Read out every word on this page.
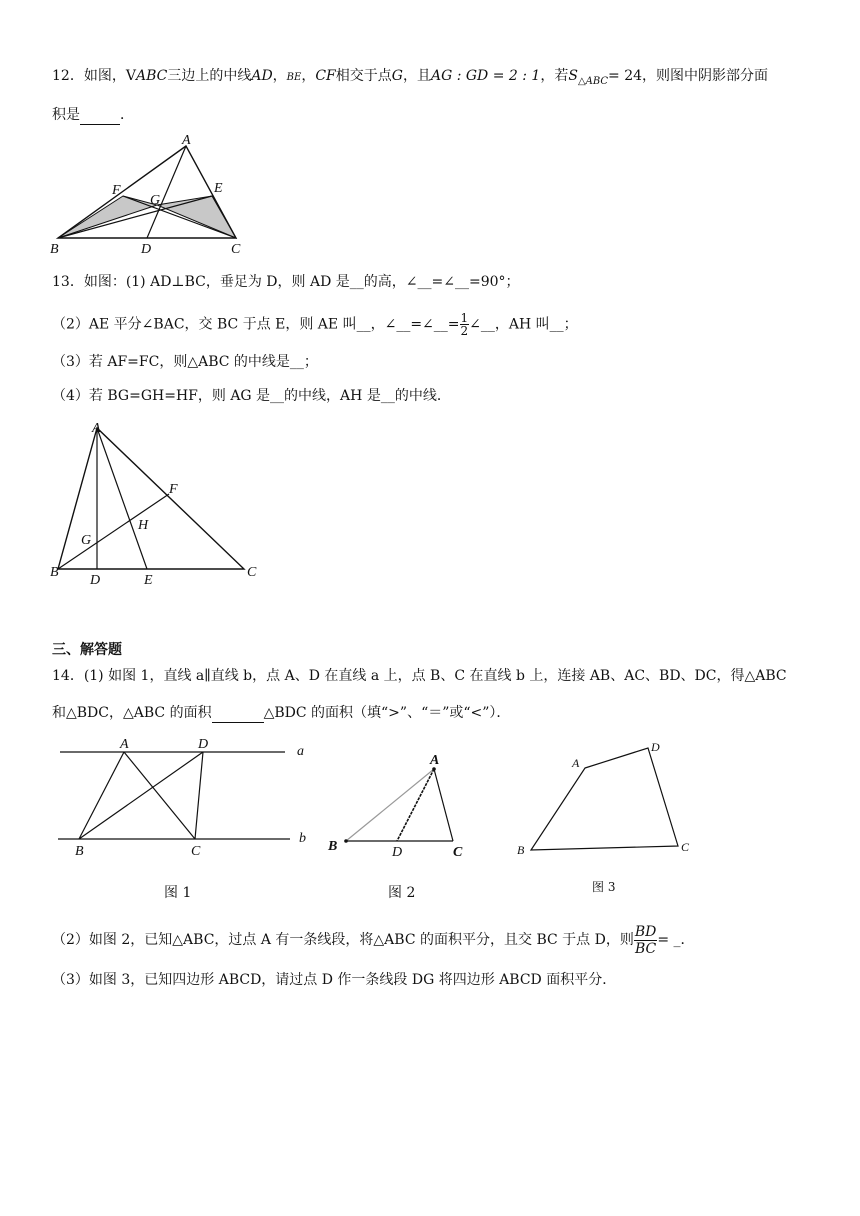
12．如图，VABC三边上的中线AD，BE，CF相交于点G，且AG : GD = 2 : 1，若$S_{\triangle ABC}= 24$，则图中阴影部分面
积是	．
A
B	C
D
E
F
G
13．如图：(1) AD⊥BC，垂足为 D，则 AD 是__的高，∠__=∠__=90°；
（2）AE 平分∠BAC，交 BC 于点 E，则 AE 叫__，∠__=∠__= $\frac{1}{2}$ ∠__，AH 叫__；
（3）若 AF=FC，则△ABC 的中线是__；
（4）若 BG=GH=HF，则 AG 是__的中线，AH 是__的中线．
A
B	C
D	E
F
G
H
三、解答题
14．(1) 如图 1，直线 a∥直线 b，点 A、D 在直线 a 上，点 B、C 在直线 b 上，连接 AB、AC、BD、DC，得△ABC
和△BDC，△ABC 的面积	△BDC 的面积（填“>”、“＝”或“<”）．
A	D
B	C
a
b
图 1
A
B	C
D
图 2
A
D
B	C
图 3
（2）如图 2，已知△ABC，过点 A 有一条线段，将△ABC 的面积平分，且交 BC 于点 D，则 $\frac{BD}{BC}$ = _．
（3）如图 3，已知四边形 ABCD，请过点 D 作一条线段 DG 将四边形 ABCD 面积平分．
